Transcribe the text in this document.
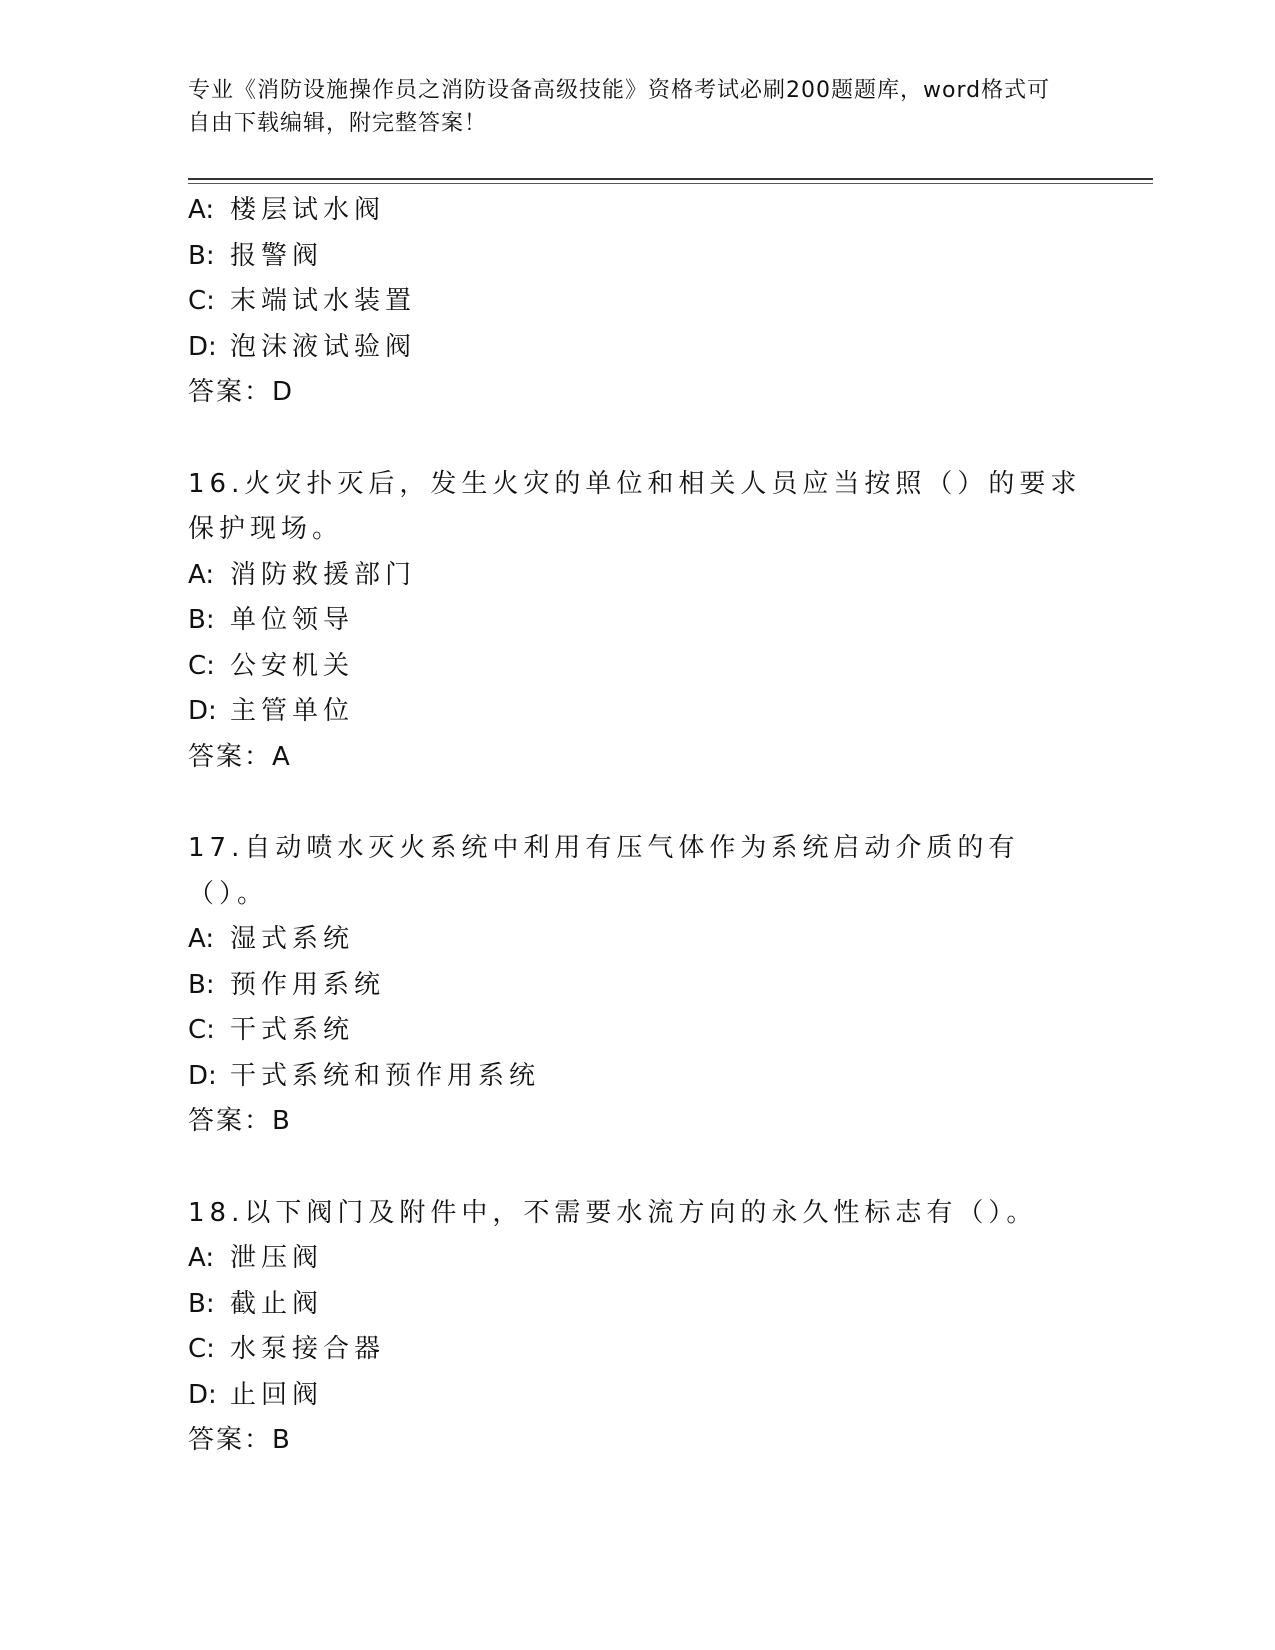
专业《消防设施操作员之消防设备高级技能》资格考试必刷200题题库，word格式可自由下载编辑，附完整答案！
A: 楼层试水阀
B: 报警阀
C: 末端试水装置
D: 泡沫液试验阀
答案：D
16.火灾扑灭后，发生火灾的单位和相关人员应当按照（）的要求保护现场。
A: 消防救援部门
B: 单位领导
C: 公安机关
D: 主管单位
答案：A
17.自动喷水灭火系统中利用有压气体作为系统启动介质的有（）。
A: 湿式系统
B: 预作用系统
C: 干式系统
D: 干式系统和预作用系统
答案：B
18.以下阀门及附件中，不需要水流方向的永久性标志有（）。
A: 泄压阀
B: 截止阀
C: 水泵接合器
D: 止回阀
答案：B
